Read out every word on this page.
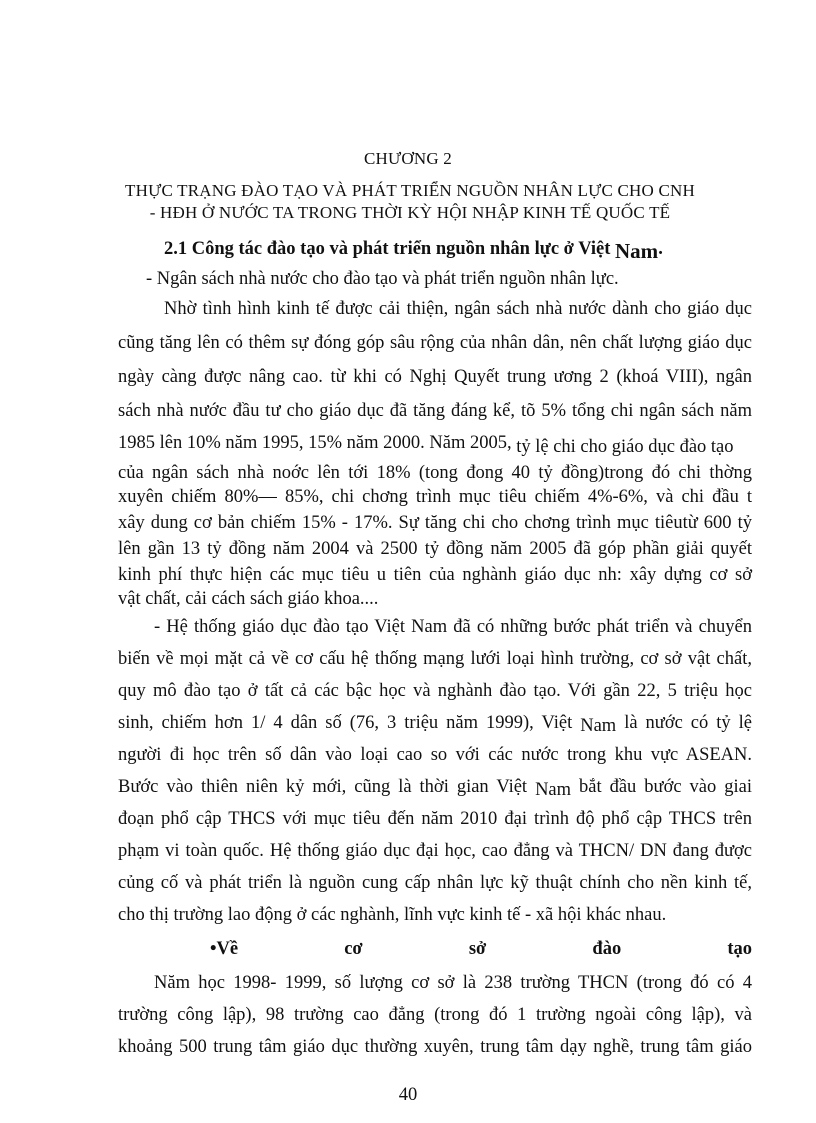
CHƯƠNG 2
THỰC TRẠNG ĐÀO TẠO VÀ PHÁT TRIỂN NGUỒN NHÂN LỰC CHO CNH
- HĐH Ở NƯỚC TA TRONG THỜI KỲ HỘI NHẬP KINH TẾ QUỐC TẾ
2.1 Công tác đào tạo và phát triển nguồn nhân lực ở Việt Nam.
- Ngân sách nhà nước cho đào tạo và phát triển nguồn nhân lực.
Nhờ tình hình kinh tế được cải thiện, ngân sách nhà nước dành cho giáo dục
cũng tăng lên có thêm sự đóng góp sâu rộng của nhân dân, nên chất lượng giáo dục
ngày càng được nâng cao. từ khi có Nghị Quyết trung ương 2 (khoá VIII), ngân
sách nhà nước đầu tư cho giáo dục đã tăng đáng kể, tõ 5% tổng chi ngân sách năm
1985 lên 10% năm 1995, 15% năm 2000. Năm 2005, tỷ lệ chi cho giáo dục đào tạo
của ngân sách nhà noớc lên tới 18% (tong đong 40 tỷ đồng)trong đó chi thờng
xuyên chiếm 80%— 85%, chi chơng trình mục tiêu chiếm 4%-6%, và chi đầu t
xây dung cơ bản chiếm 15% - 17%. Sự tăng chi cho chơng trình mục tiêutừ 600 tỷ
lên gần 13 tỷ đồng năm 2004 và 2500 tỷ đồng năm 2005 đã góp phần giải quyết
kinh phí thực hiện các mục tiêu u tiên của nghành giáo dục nh: xây dựng cơ sở
vật chất, cải cách sách giáo khoa....
- Hệ thống giáo dục đào tạo Việt Nam đã có những bước phát triển và chuyển
biến về mọi mặt cả về cơ cấu hệ thống mạng lưới loại hình trường, cơ sở vật chất,
quy mô đào tạo ở tất cả các bậc học và nghành đào tạo. Với gần 22, 5 triệu học
sinh, chiếm hơn 1/ 4 dân số (76, 3 triệu năm 1999), Việt Nam là nước có tỷ lệ
người đi học trên số dân vào loại cao so với các nước trong khu vực ASEAN.
Bước vào thiên niên kỷ mới, cũng là thời gian Việt Nam bắt đầu bước vào giai
đoạn phổ cập THCS với mục tiêu đến năm 2010 đại trình độ phổ cập THCS trên
phạm vi toàn quốc. Hệ thống giáo dục đại học, cao đẳng và THCN/ DN đang được
củng cố và phát triển là nguồn cung cấp nhân lực kỹ thuật chính cho nền kinh tế,
cho thị trường lao động ở các nghành, lĩnh vực kinh tế - xã hội khác nhau.
•Về	cơ	sở	đào	tạo
Năm học 1998- 1999, số lượng cơ sở là 238 trường THCN (trong đó có 4
trường công lập), 98 trường cao đẳng (trong đó 1 trường ngoài công lập), và
khoảng 500 trung tâm giáo dục thường xuyên, trung tâm dạy nghề, trung tâm giáo
40
